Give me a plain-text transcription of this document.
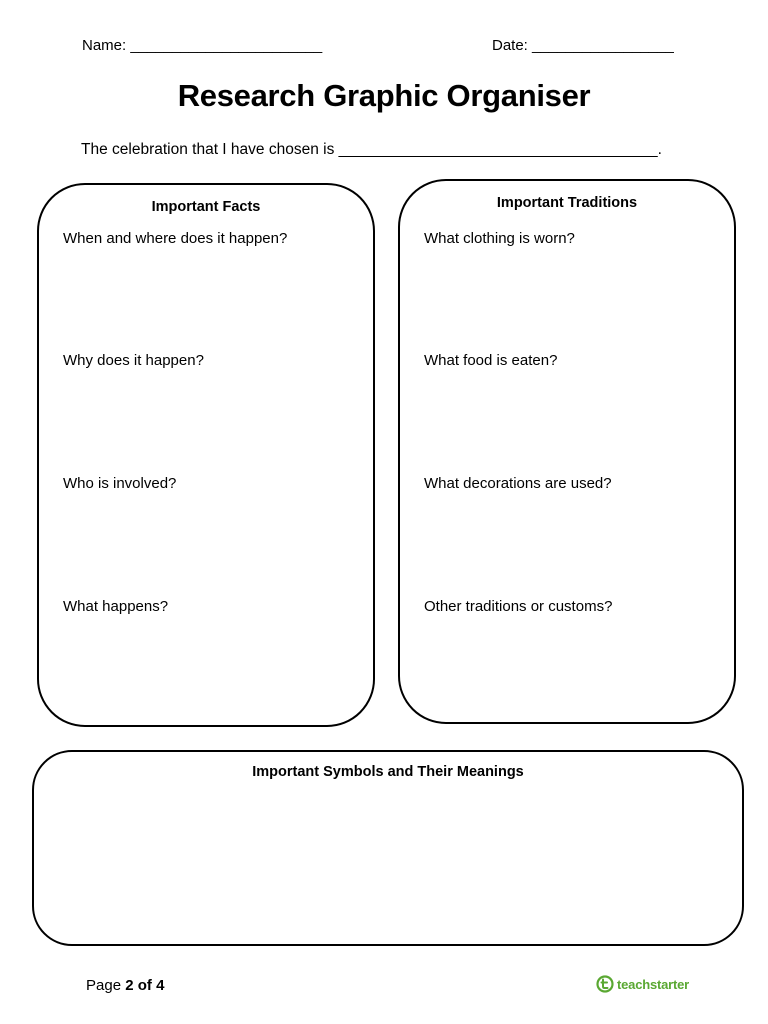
Name: _______________________	Date: _________________
Research Graphic Organiser
The celebration that I have chosen is _____________________________________.
Important Facts
When and where does it happen?
Why does it happen?
Who is involved?
What happens?
Important Traditions
What clothing is worn?
What food is eaten?
What decorations are used?
Other traditions or customs?
Important Symbols and Their Meanings
Page 2 of 4	teachstarter
